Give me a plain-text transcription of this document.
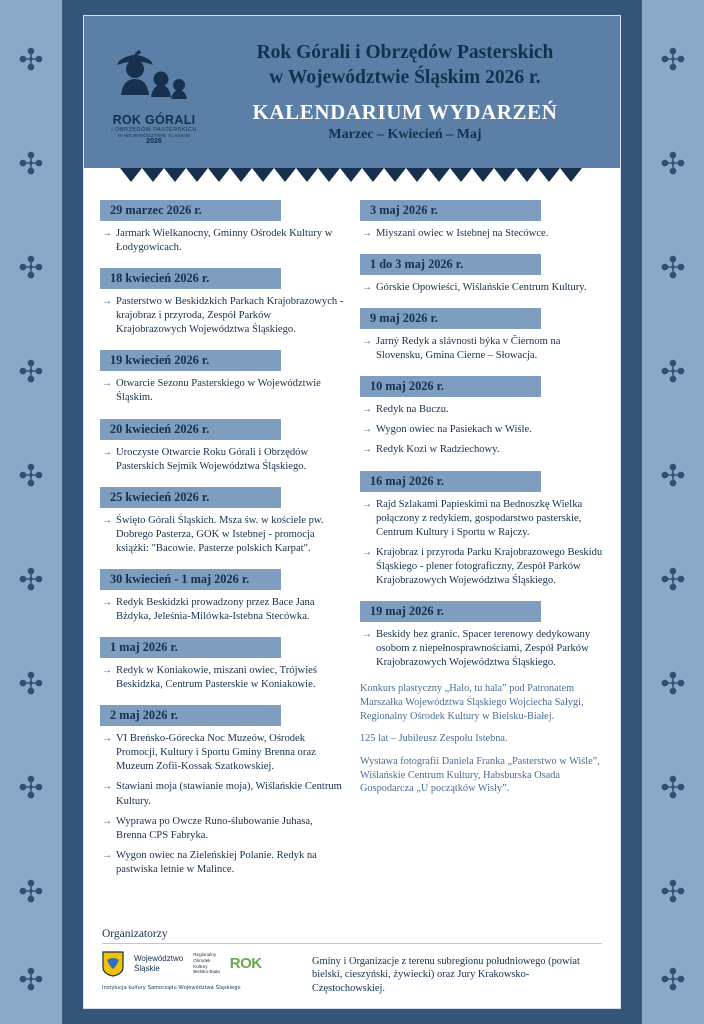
✣
✣
✣
✣
✣
✣
✣
✣
✣
✣
✣
✣
✣
✣
✣
✣
✣
✣
✣
✣
ROK GÓRALI
I OBRZĘDÓW PASTERSKICH
W WOJEWÓDZTWIE ŚLĄSKIM
2026
Rok Górali i Obrzędów Pasterskich
w Województwie Śląskim 2026 r.
KALENDARIUM WYDARZEŃ
Marzec – Kwiecień – Maj
29 marzec 2026 r.
→ Jarmark Wielkanocny, Gminny Ośrodek Kultury w Łodygowicach.
18 kwiecień 2026 r.
→ Pasterstwo w Beskidzkich Parkach Krajobrazowych - krajobraz i przyroda, Zespół Parków Krajobrazowych Województwa Śląskiego.
19 kwiecień 2026 r.
→ Otwarcie Sezonu Pasterskiego w Województwie Śląskim.
20 kwiecień 2026 r.
→ Uroczyste Otwarcie Roku Górali i Obrzędów Pasterskich Sejmik Województwa Śląskiego.
25 kwiecień 2026 r.
→ Święto Górali Śląskich. Msza św. w kościele pw. Dobrego Pasterza, GOK w Istebnej - promocja książki: "Bacowie. Pasterze polskich Karpat".
30 kwiecień - 1 maj 2026 r.
→ Redyk Beskidzki prowadzony przez Bace Jana Bżdyka, Jeleśnia-Milówka-Istebna Stecówka.
1 maj 2026 r.
→ Redyk w Koniakowie, miszani owiec, Trójwieś Beskidzka, Centrum Pasterskie w Koniakowie.
2 maj 2026 r.
→ VI Breńsko-Górecka Noc Muzeów, Ośrodek Promocji, Kultury i Sportu Gminy Brenna oraz Muzeum Zofii-Kossak Szatkowskiej.
→ Stawiani moja (stawianie moja), Wiślańskie Centrum Kultury.
→ Wyprawa po Owcze Runo-ślubowanie Juhasa, Brenna CPS Fabryka.
→ Wygon owiec na Zieleńskiej Polanie. Redyk na pastwiska letnie w Malince.
3 maj 2026 r.
→ Miyszani owiec w Istebnej na Stecówce.
1 do 3 maj 2026 r.
→ Górskie Opowieści, Wiślańskie Centrum Kultury.
9 maj 2026 r.
→ Jarný Redyk a slávnosti býka v Čiernom na Slovensku, Gmina Cierne – Słowacja.
10 maj 2026 r.
→ Redyk na Buczu.
→ Wygon owiec na Pasiekach w Wiśle.
→ Redyk Kozi w Radziechowy.
16 maj 2026 r.
→ Rajd Szlakami Papieskimi na Bednoszkę Wielka połączony z redykiem, gospodarstwo pasterskie, Centrum Kultury i Sportu w Rajczy.
→ Krajobraz i przyroda Parku Krajobrazowego Beskidu Śląskiego - plener fotograficzny, Zespół Parków Krajobrazowych Województwa Śląskiego.
19 maj 2026 r.
→ Beskidy bez granic. Spacer terenowy dedykowany osobom z niepełnosprawnościami, Zespół Parków Krajobrazowych Województwa Śląskiego.

Konkurs plastyczny „Halo, tu hala” pod Patronatem Marszałka Województwa Śląskiego Wojciecha Sałygi, Regionalny Ośrodek Kultury w Bielsku-Białej.

125 lat – Jubileusz Zespołu Istebna.

Wystawa fotografii Daniela Franka „Pasterstwo w Wiśle”, Wiślańskie Centrum Kultury, Habsburska Osada Gospodarcza „U początków Wisły”.

Organizatorzy
Województwo
Śląskie
Regionalny
Ośrodek
Kultury
Bielsko-Biała ROK
Instytucja kultury Samorządu Województwa Śląskiego
Gminy i Organizacje z terenu subregionu południowego (powiat bielski, cieszyński, żywiecki) oraz Jury Krakowsko-Częstochowskiej.
